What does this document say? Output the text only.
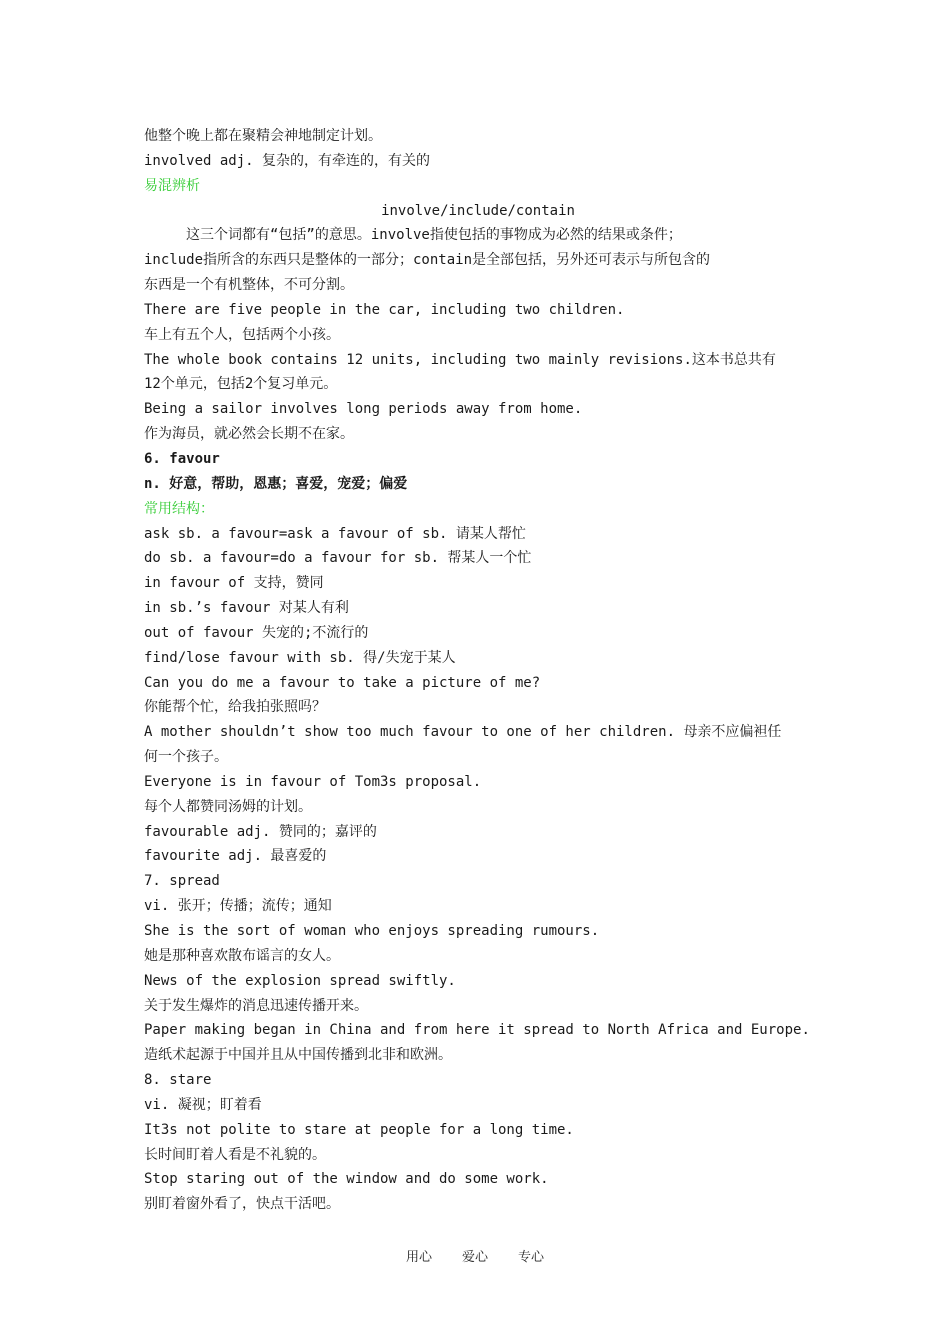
他整个晚上都在聚精会神地制定计划。
involved adj. 复杂的，有牵连的，有关的
易混辨析
involve/include/contain
这三个词都有“包括”的意思。involve指使包括的事物成为必然的结果或条件；
include指所含的东西只是整体的一部分；contain是全部包括，另外还可表示与所包含的
东西是一个有机整体，不可分割。
There are five people in the car, including two children.
车上有五个人，包括两个小孩。
The whole book contains 12 units, including two mainly revisions.这本书总共有
12个单元，包括2个复习单元。
Being a sailor involves long periods away from home.
作为海员，就必然会长期不在家。
6. favour
n. 好意，帮助，恩惠；喜爱，宠爱；偏爱
常用结构：
ask sb. a favour=ask a favour of sb. 请某人帮忙
do sb. a favour=do a favour for sb. 帮某人一个忙
in favour of 支持，赞同
in sb.’s favour 对某人有利
out of favour 失宠的;不流行的
find/lose favour with sb. 得/失宠于某人
Can you do me a favour to take a picture of me?
你能帮个忙，给我拍张照吗？
A mother shouldn’t show too much favour to one of her children. 母亲不应偏袒任
何一个孩子。
Everyone is in favour of Tom3s proposal.
每个人都赞同汤姆的计划。
favourable adj. 赞同的；嘉评的
favourite adj. 最喜爱的
7. spread
vi. 张开；传播；流传；通知
She is the sort of woman who enjoys spreading rumours.
她是那种喜欢散布谣言的女人。
News of the explosion spread swiftly.
关于发生爆炸的消息迅速传播开来。
Paper making began in China and from here it spread to North Africa and Europe.
造纸术起源于中国并且从中国传播到北非和欧洲。
8. stare
vi. 凝视；盯着看
It3s not polite to stare at people for a long time.
长时间盯着人看是不礼貌的。
Stop staring out of the window and do some work.
别盯着窗外看了，快点干活吧。
用心 爱心 专心
